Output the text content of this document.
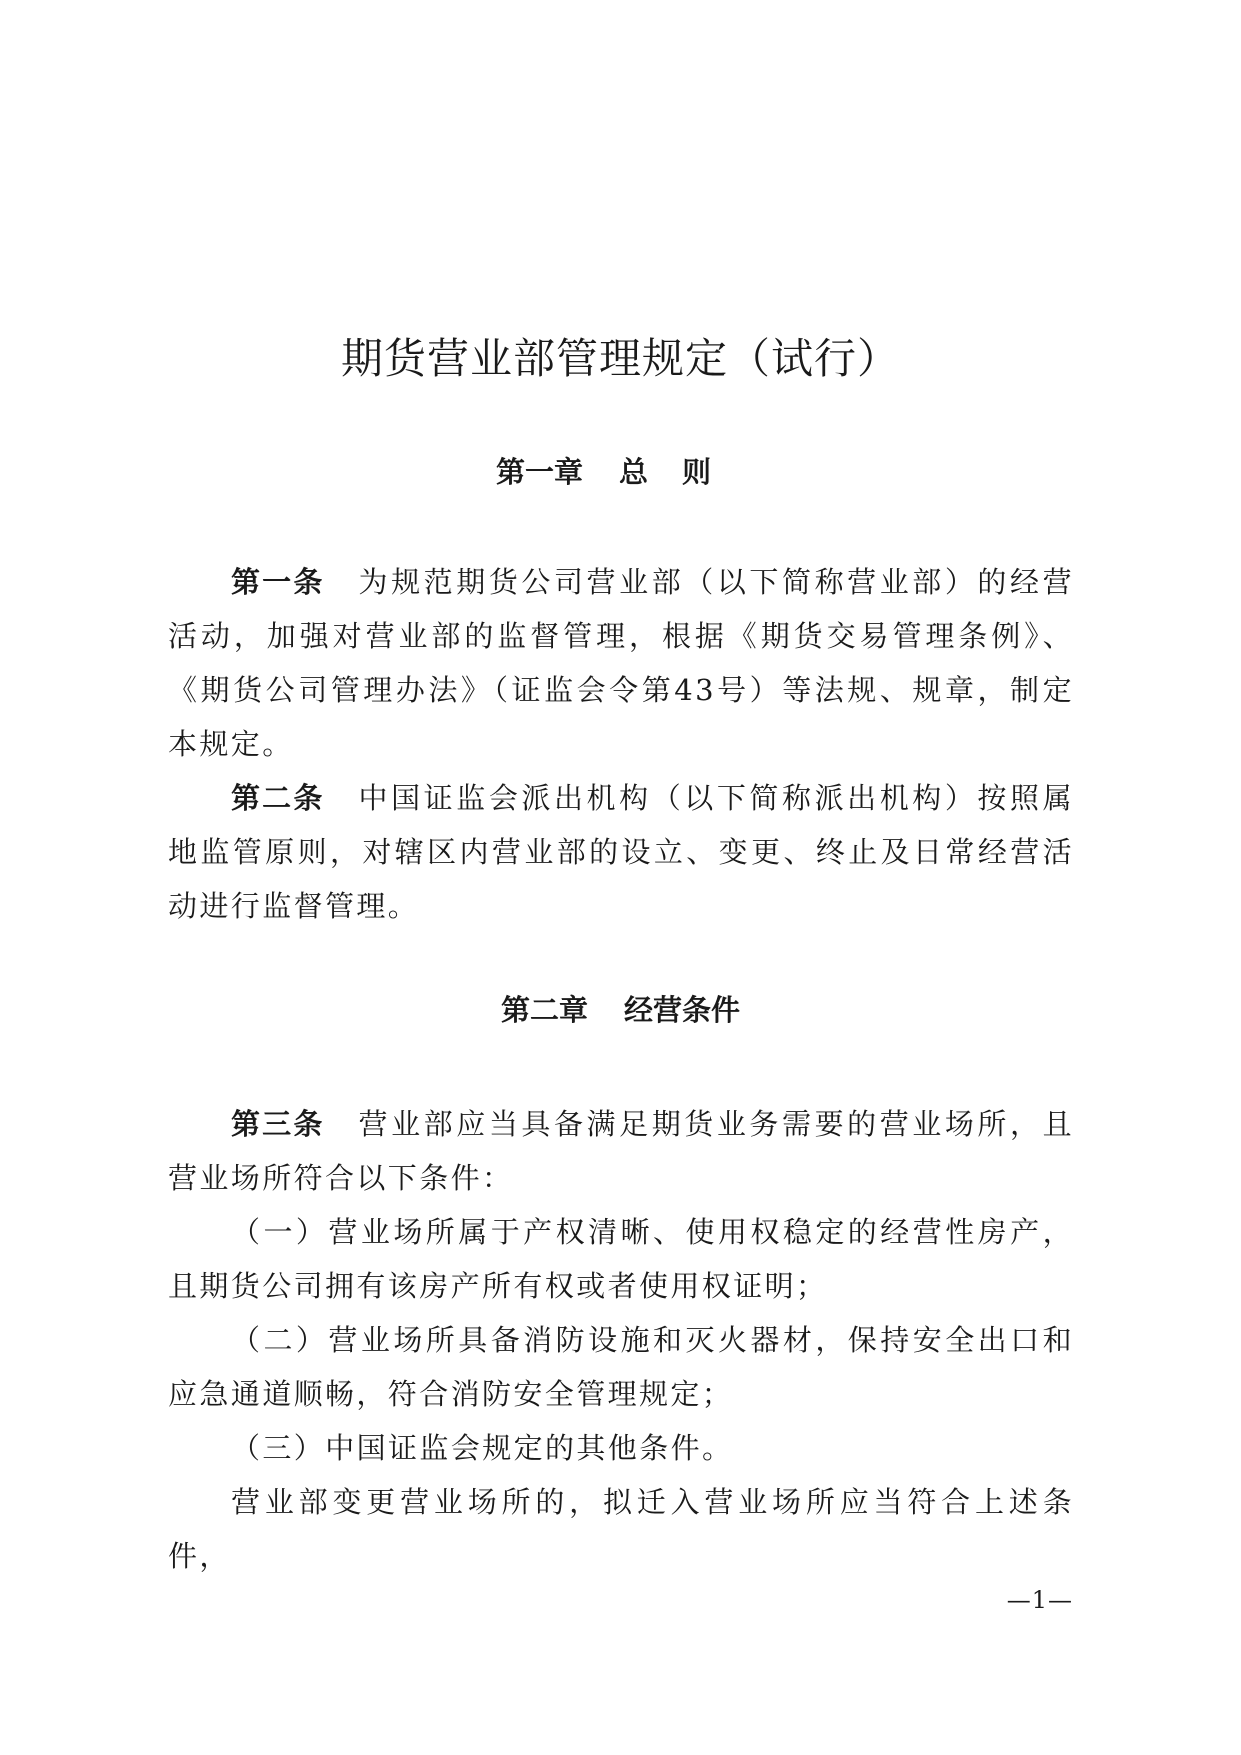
期货营业部管理规定（试行）
第一章 总则

第一条 为规范期货公司营业部（以下简称营业部）的经营活动，加强对营业部的监督管理，根据《期货交易管理条例》、《期货公司管理办法》（证监会令第43号）等法规、规章，制定本规定。

第二条 中国证监会派出机构（以下简称派出机构）按照属地监管原则，对辖区内营业部的设立、变更、终止及日常经营活动进行监督管理。

第二章 经营条件

第三条 营业部应当具备满足期货业务需要的营业场所，且营业场所符合以下条件：

（一）营业场所属于产权清晰、使用权稳定的经营性房产，且期货公司拥有该房产所有权或者使用权证明；

（二）营业场所具备消防设施和灭火器材，保持安全出口和应急通道顺畅，符合消防安全管理规定；

（三）中国证监会规定的其他条件。

营业部变更营业场所的，拟迁入营业场所应当符合上述条件，

—1—
